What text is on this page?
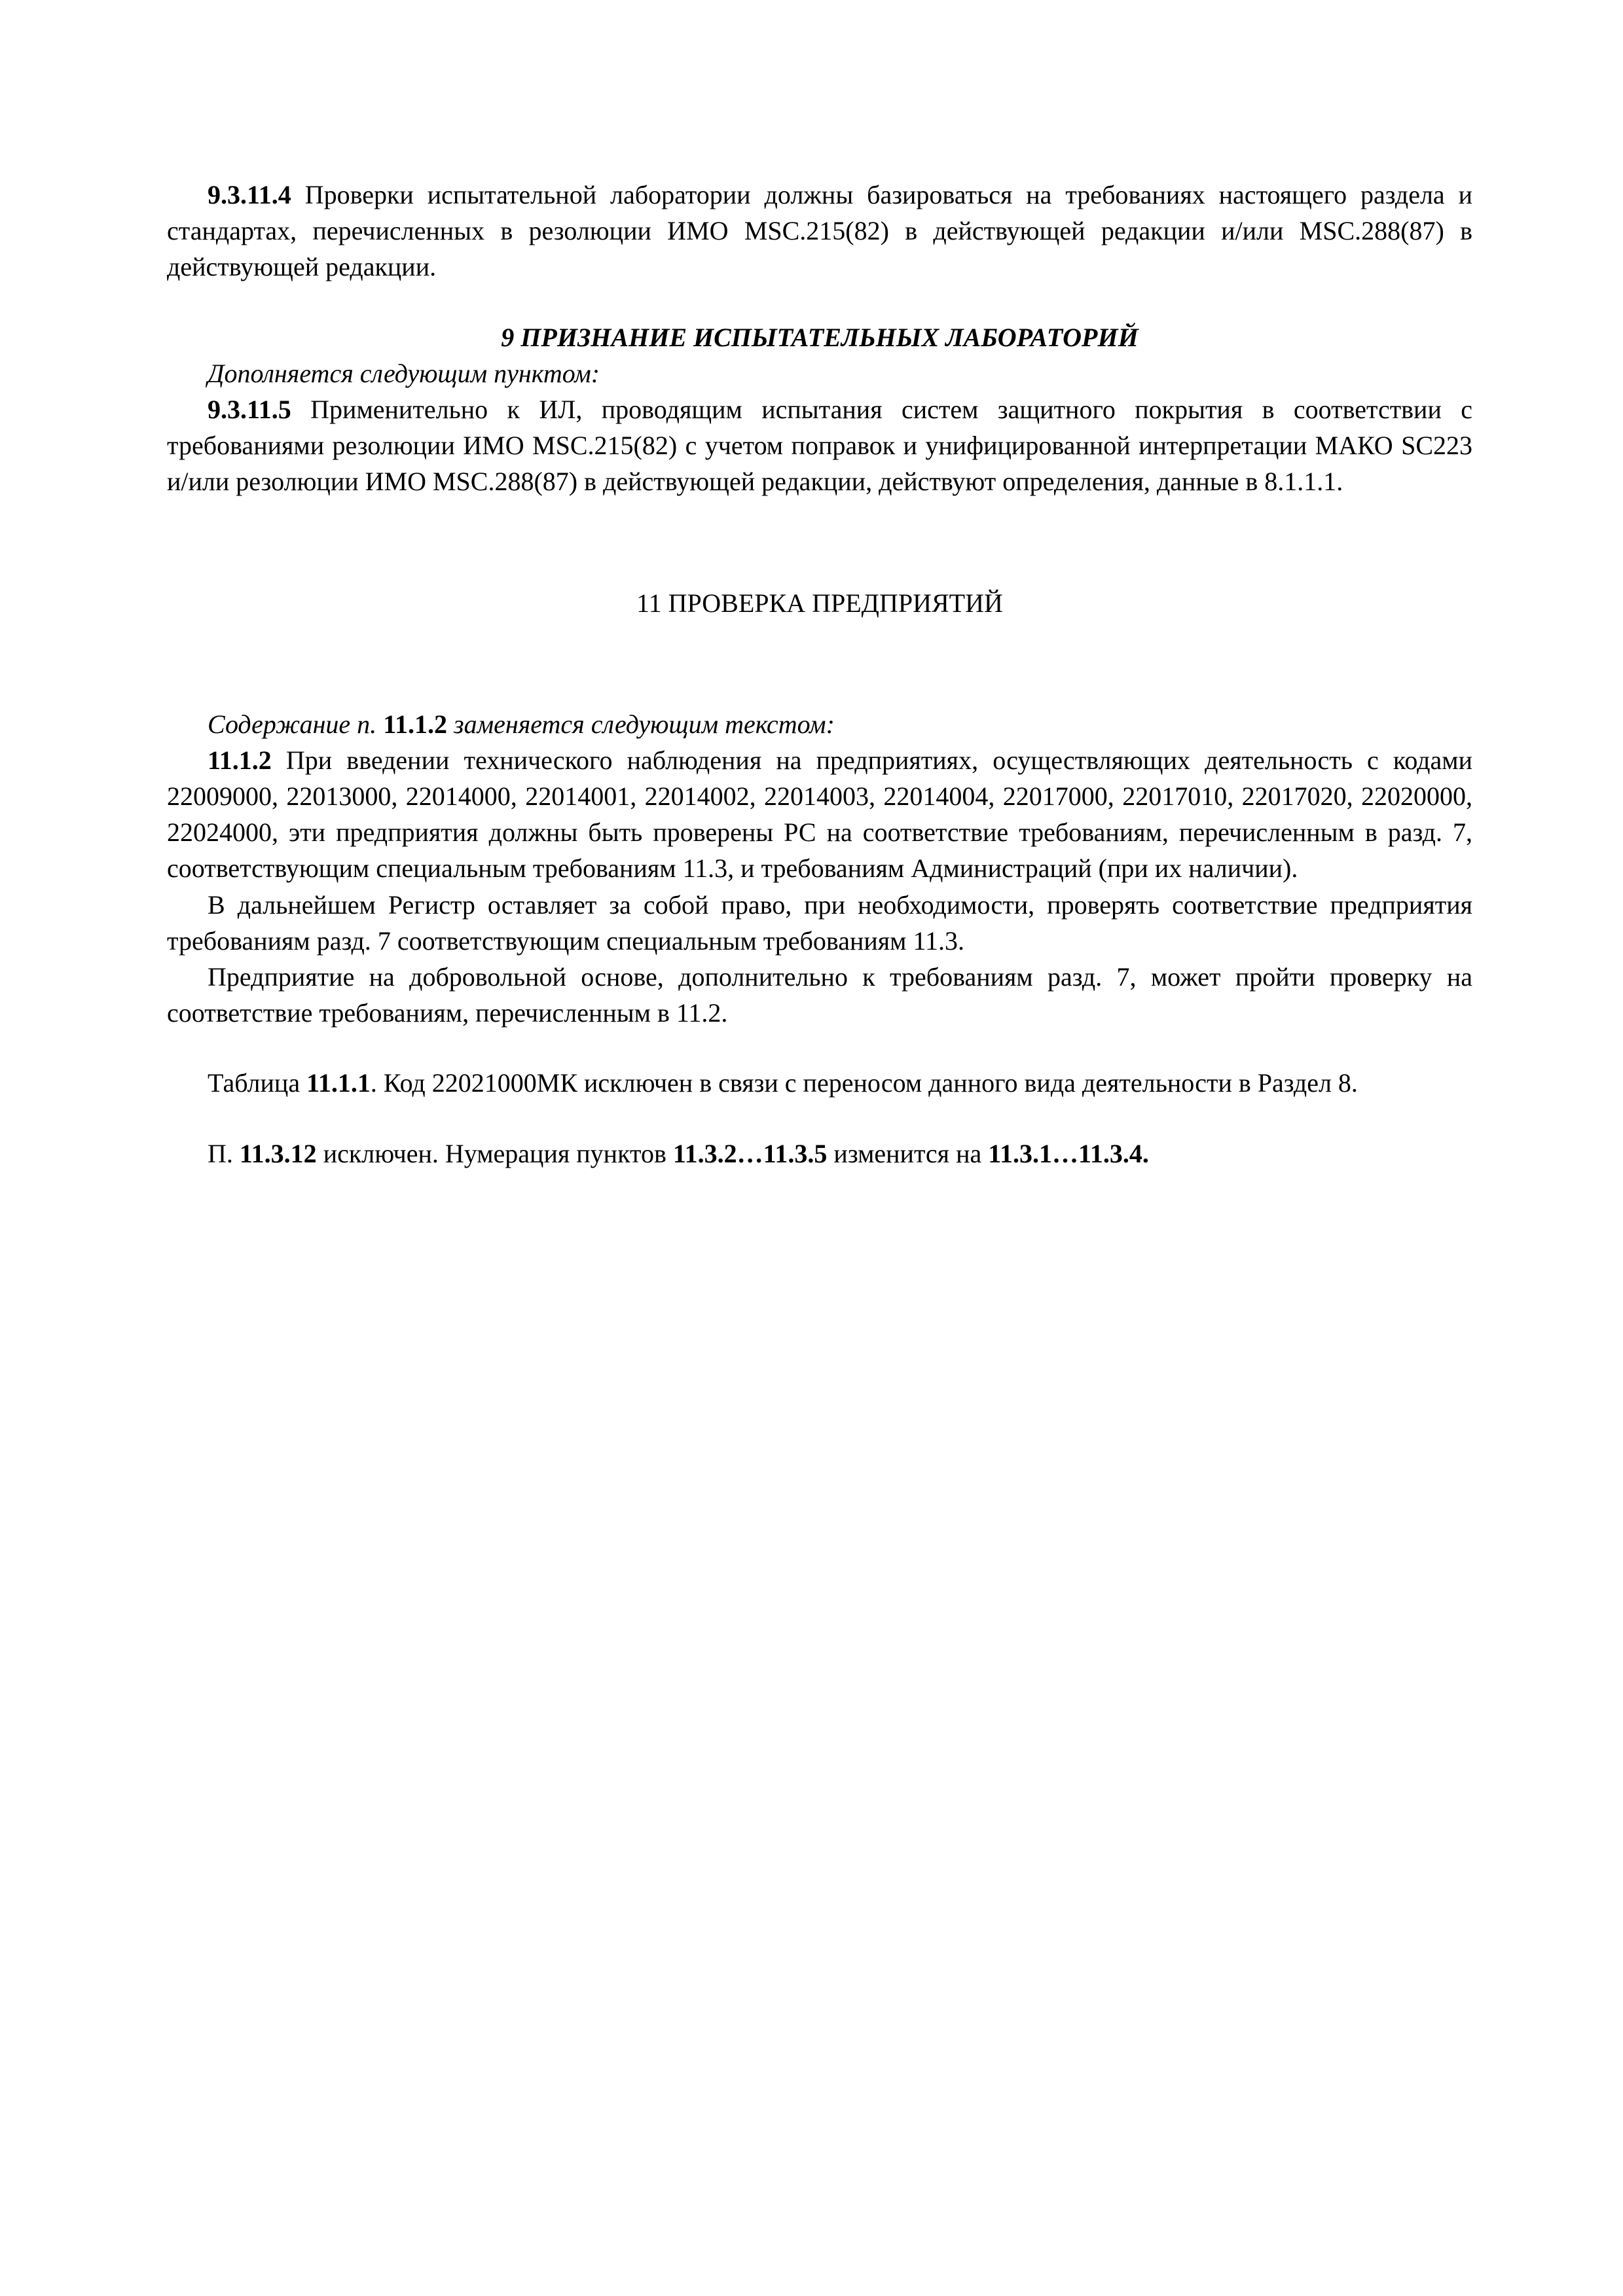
9.3.11.4 Проверки испытательной лаборатории должны базироваться на требованиях настоящего раздела и стандартах, перечисленных в резолюции ИМО MSC.215(82) в действующей редакции и/или MSC.288(87) в действующей редакции.

9 ПРИЗНАНИЕ ИСПЫТАТЕЛЬНЫХ ЛАБОРАТОРИЙ

Дополняется следующим пунктом:

9.3.11.5 Применительно к ИЛ, проводящим испытания систем защитного покрытия в соответствии с требованиями резолюции ИМО MSC.215(82) с учетом поправок и унифицированной интерпретации МАКО SC223 и/или резолюции ИМО MSC.288(87) в действующей редакции, действуют определения, данные в 8.1.1.1.

11 ПРОВЕРКА ПРЕДПРИЯТИЙ

Содержание п. 11.1.2 заменяется следующим текстом:

11.1.2 При введении технического наблюдения на предприятиях, осуществляющих деятельность с кодами 22009000, 22013000, 22014000, 22014001, 22014002, 22014003, 22014004, 22017000, 22017010, 22017020, 22020000, 22024000, эти предприятия должны быть проверены РС на соответствие требованиям, перечисленным в разд. 7, соответствующим специальным требованиям 11.3, и требованиям Администраций (при их наличии).

В дальнейшем Регистр оставляет за собой право, при необходимости, проверять соответствие предприятия требованиям разд. 7 соответствующим специальным требованиям 11.3.

Предприятие на добровольной основе, дополнительно к требованиям разд. 7, может пройти проверку на соответствие требованиям, перечисленным в 11.2.

Таблица 11.1.1. Код 22021000МК исключен в связи с переносом данного вида деятельности в Раздел 8.

П. 11.3.12 исключен. Нумерация пунктов 11.3.2…11.3.5 изменится на 11.3.1…11.3.4.
